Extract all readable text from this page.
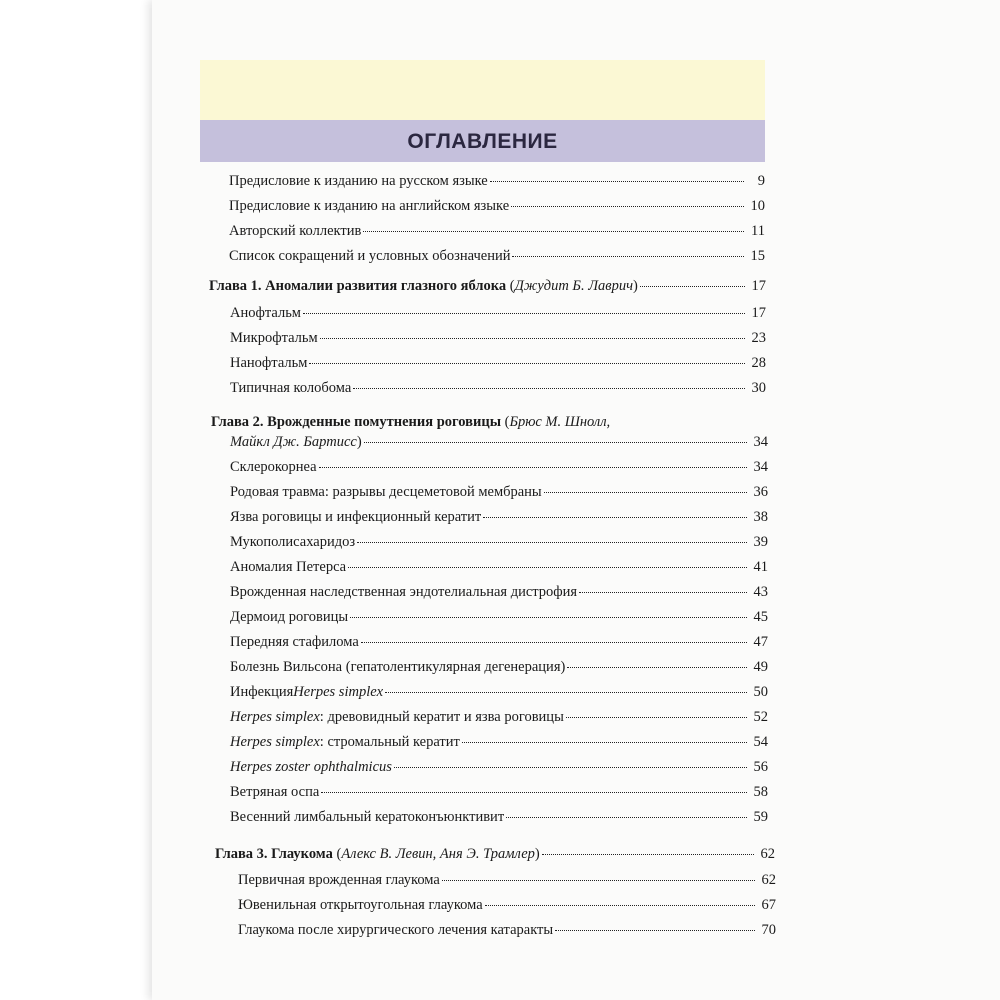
ОГЛАВЛЕНИЕ
Предисловие к изданию на русском языке	9
Предисловие к изданию на английском языке	10
Авторский коллектив	11
Список сокращений и условных обозначений	15
Глава 1. Аномалии развития глазного яблока ( Джудит Б. Лаврич )	17
Анофтальм	17
Микрофтальм	23
Нанофтальм	28
Типичная колобома	30
Глава 2. Врожденные помутнения роговицы (Брюс М. Шнолл,
Майкл Дж. Бартисс )	34
Склерокорнеа	34
Родовая травма: разрывы десцеметовой мембраны	36
Язва роговицы и инфекционный кератит	38
Мукополисахаридоз	39
Аномалия Петерса	41
Врожденная наследственная эндотелиальная дистрофия	43
Дермоид роговицы	45
Передняя стафилома	47
Болезнь Вильсона (гепатолентикулярная дегенерация)	49
Инфекция Herpes simplex	50
Herpes simplex : древовидный кератит и язва роговицы	52
Herpes simplex : стромальный кератит	54
Herpes zoster ophthalmicus	56
Ветряная оспа	58
Весенний лимбальный кератоконъюнктивит	59
Глава 3. Глаукома ( Алекс В. Левин, Аня Э. Трамлер )	62
Первичная врожденная глаукома	62
Ювенильная открытоугольная глаукома	67
Глаукома после хирургического лечения катаракты	70
